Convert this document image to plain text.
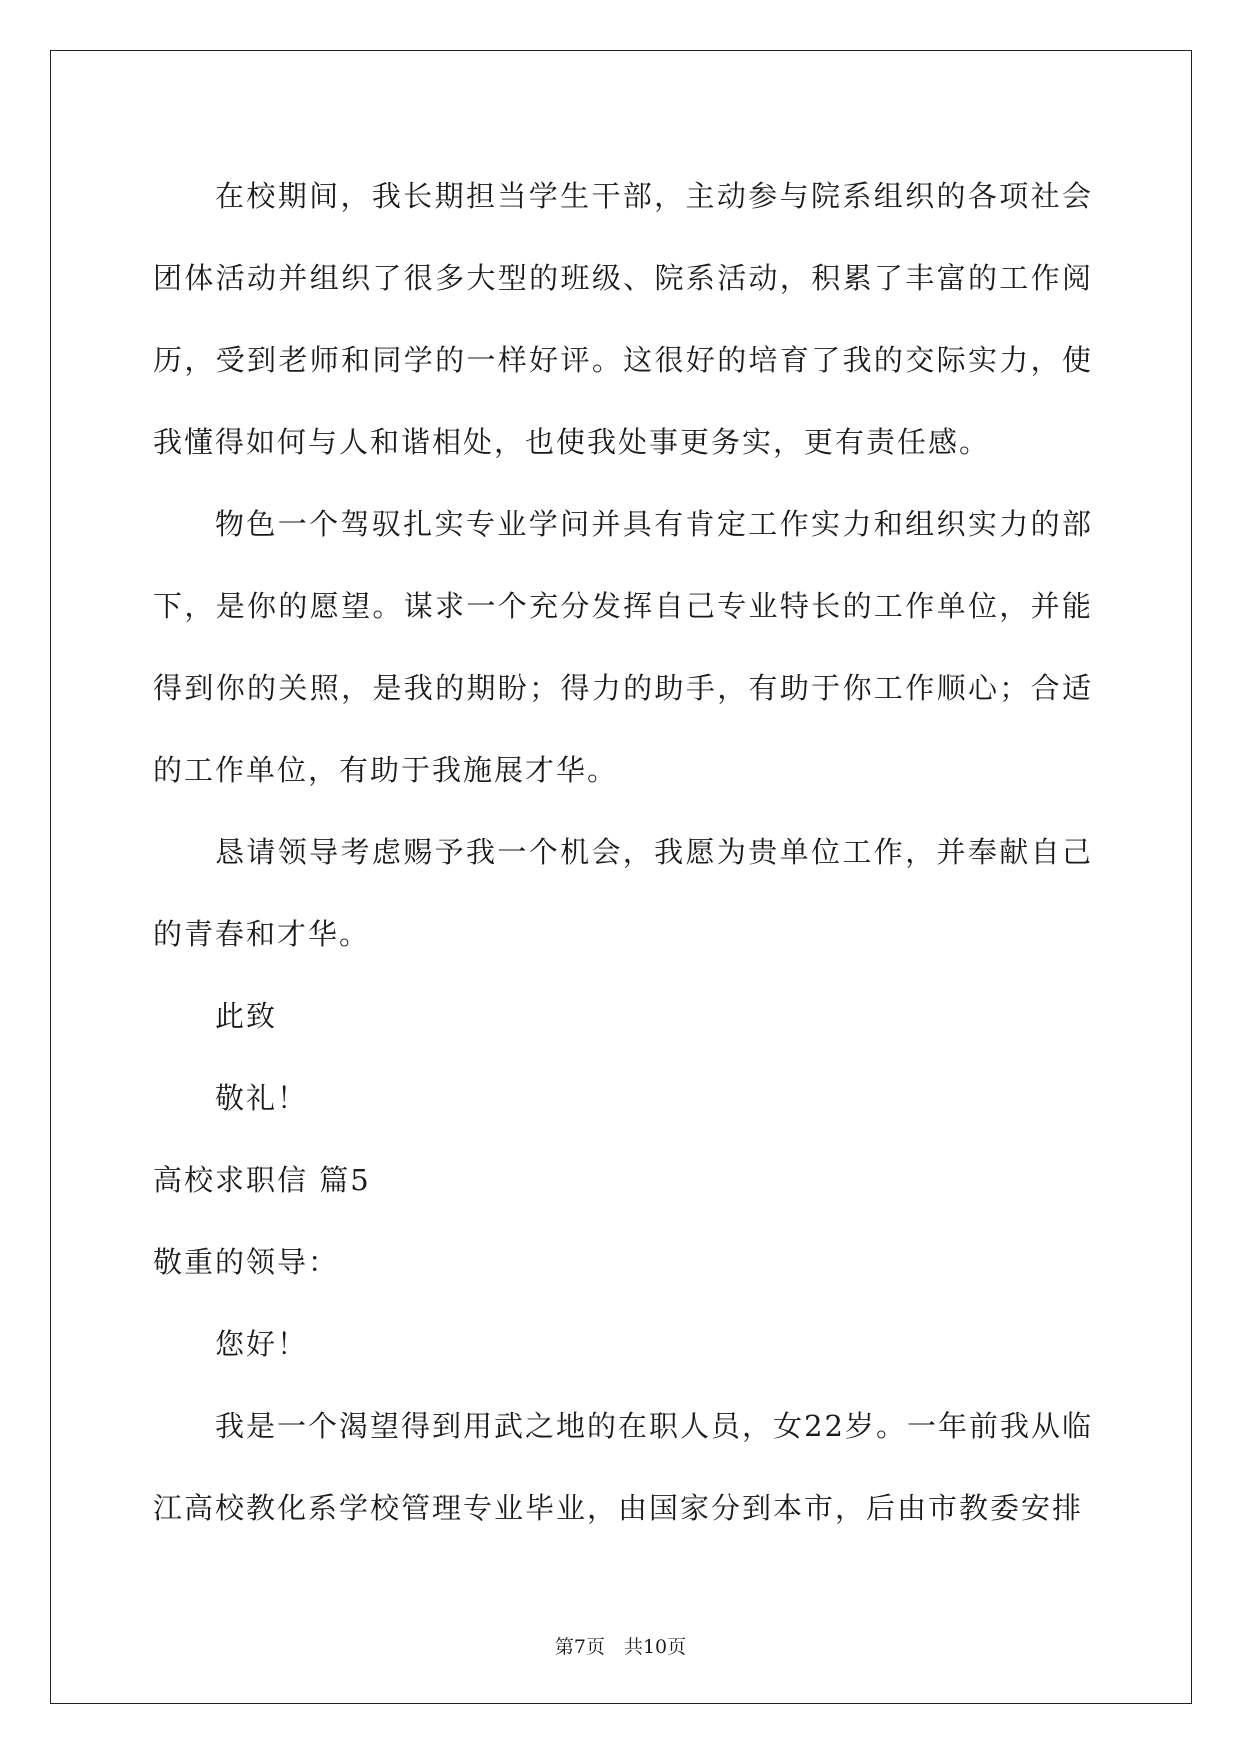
在校期间，我长期担当学生干部，主动参与院系组织的各项社会团体活动并组织了很多大型的班级、院系活动，积累了丰富的工作阅历，受到老师和同学的一样好评。这很好的培育了我的交际实力，使我懂得如何与人和谐相处，也使我处事更务实，更有责任感。

物色一个驾驭扎实专业学问并具有肯定工作实力和组织实力的部下，是你的愿望。谋求一个充分发挥自己专业特长的工作单位，并能得到你的关照，是我的期盼；得力的助手，有助于你工作顺心；合适的工作单位，有助于我施展才华。

恳请领导考虑赐予我一个机会，我愿为贵单位工作，并奉献自己的青春和才华。

此致

敬礼！

高校求职信 篇5

敬重的领导：

您好！

我是一个渴望得到用武之地的在职人员，女22岁。一年前我从临江高校教化系学校管理专业毕业，由国家分到本市，后由市教委安排

第7页　共10页
